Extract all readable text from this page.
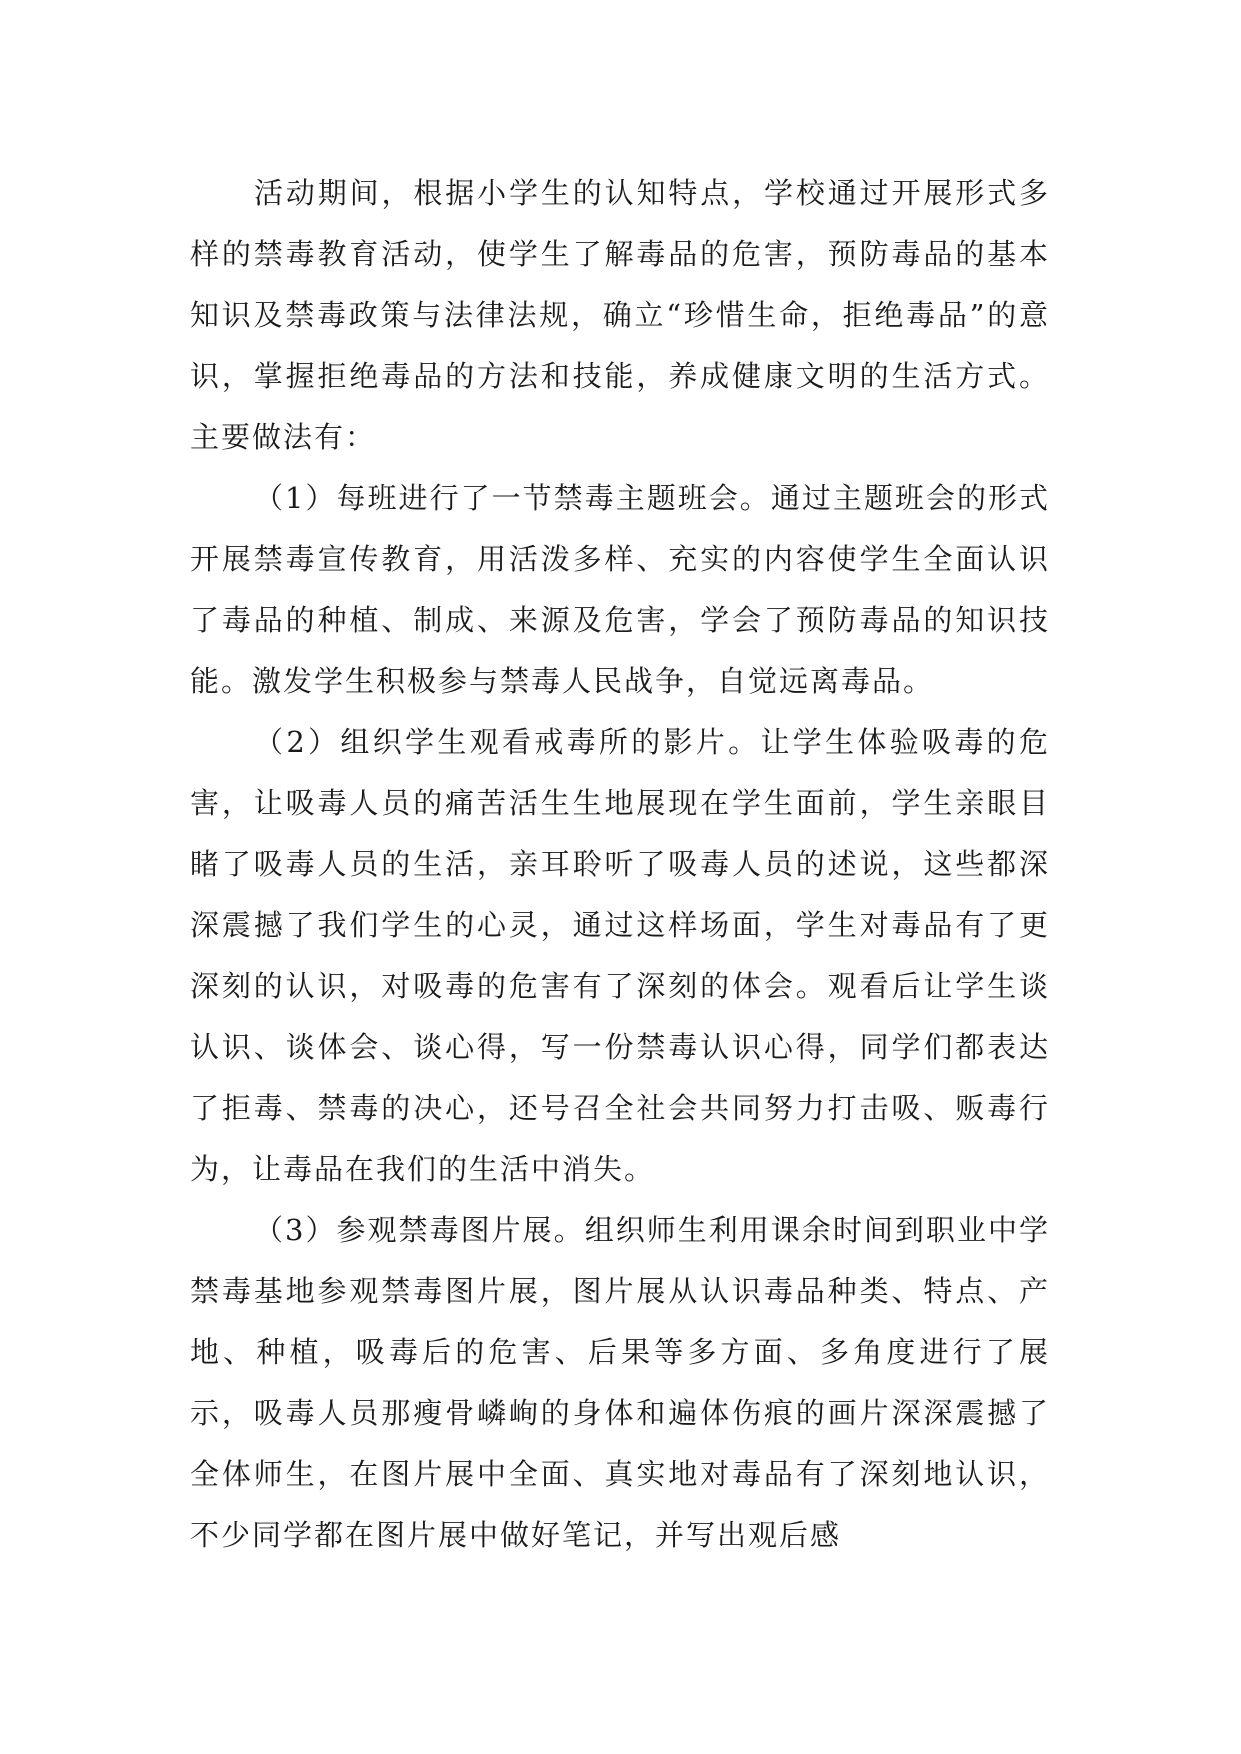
活动期间，根据小学生的认知特点，学校通过开展形式多样的禁毒教育活动，使学生了解毒品的危害，预防毒品的基本知识及禁毒政策与法律法规，确立“珍惜生命，拒绝毒品”的意识，掌握拒绝毒品的方法和技能，养成健康文明的生活方式。主要做法有：

（1）每班进行了一节禁毒主题班会。通过主题班会的形式开展禁毒宣传教育，用活泼多样、充实的内容使学生全面认识了毒品的种植、制成、来源及危害，学会了预防毒品的知识技能。激发学生积极参与禁毒人民战争，自觉远离毒品。

（2）组织学生观看戒毒所的影片。让学生体验吸毒的危害，让吸毒人员的痛苦活生生地展现在学生面前，学生亲眼目睹了吸毒人员的生活，亲耳聆听了吸毒人员的述说，这些都深深震撼了我们学生的心灵，通过这样场面，学生对毒品有了更深刻的认识，对吸毒的危害有了深刻的体会。观看后让学生谈认识、谈体会、谈心得，写一份禁毒认识心得，同学们都表达了拒毒、禁毒的决心，还号召全社会共同努力打击吸、贩毒行为，让毒品在我们的生活中消失。

（3）参观禁毒图片展。组织师生利用课余时间到职业中学禁毒基地参观禁毒图片展，图片展从认识毒品种类、特点、产地、种植，吸毒后的危害、后果等多方面、多角度进行了展示，吸毒人员那瘦骨嶙峋的身体和遍体伤痕的画片深深震撼了全体师生，在图片展中全面、真实地对毒品有了深刻地认识，不少同学都在图片展中做好笔记，并写出观后感
